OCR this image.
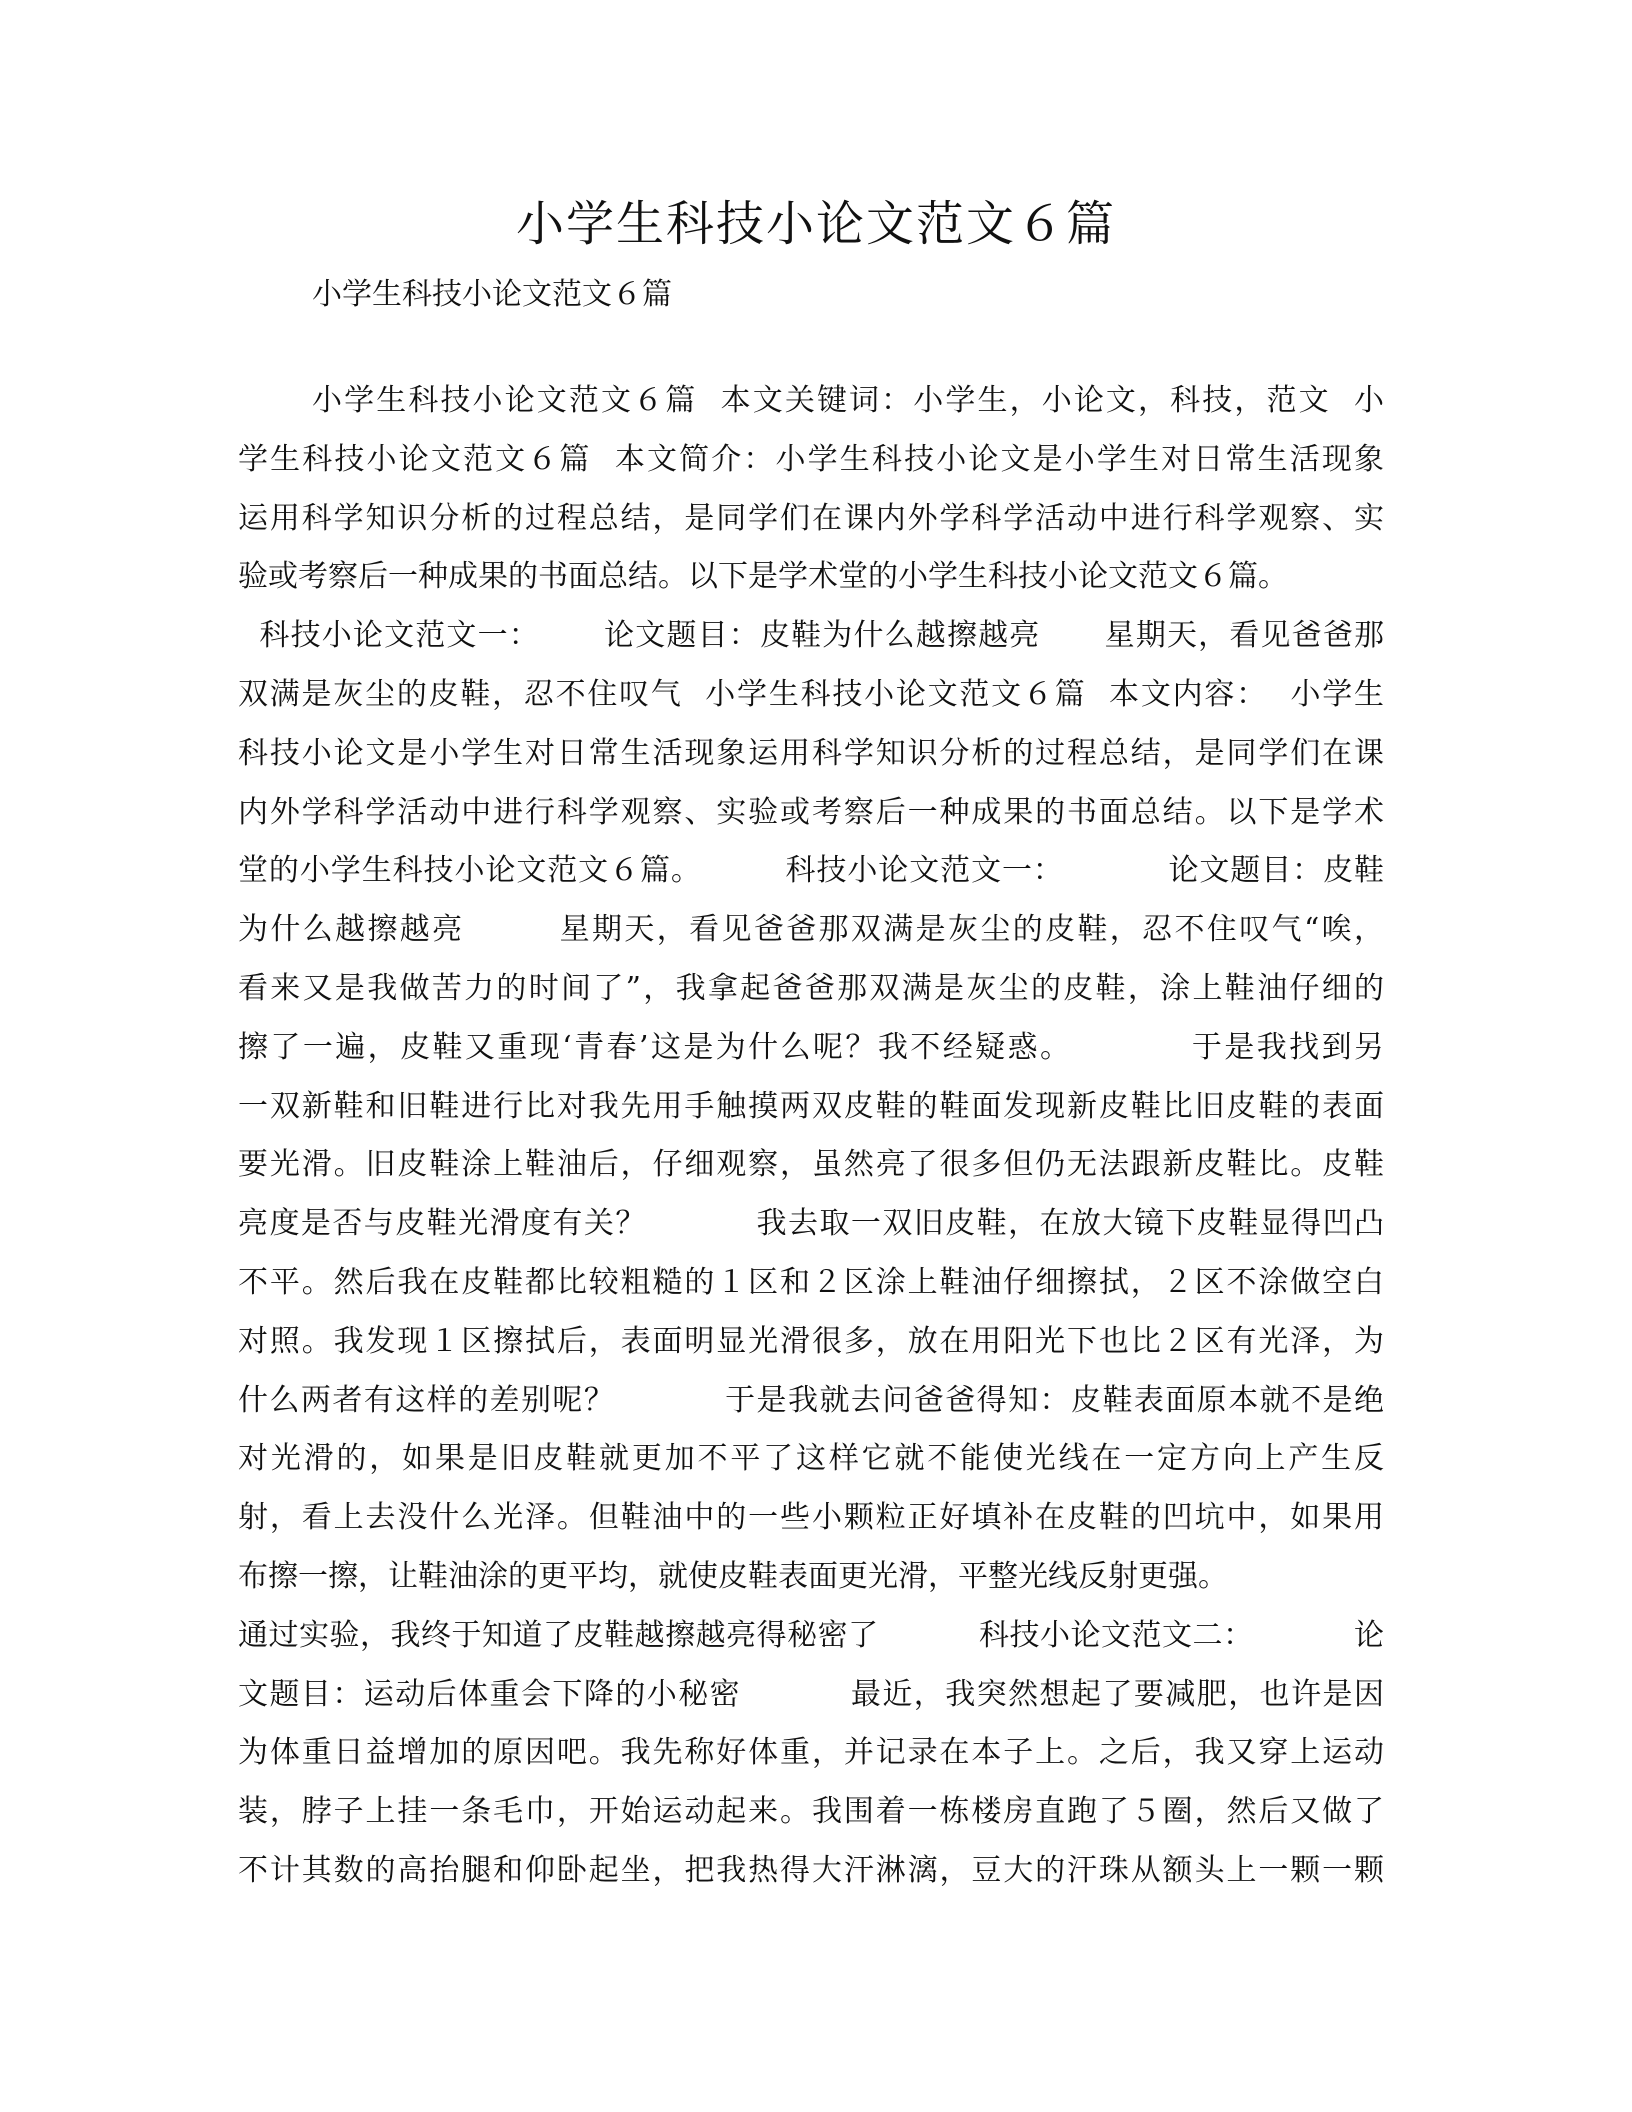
小学生科技小论文范文６篇

小学生科技小论文范文６篇

小学生科技小论文范文６篇  本文关键词：小学生，小论文，科技，范文  小
学生科技小论文范文６篇  本文简介：小学生科技小论文是小学生对日常生活现象
运用科学知识分析的过程总结，是同学们在课内外学科学活动中进行科学观察、实
验或考察后一种成果的书面总结。以下是学术堂的小学生科技小论文范文６篇。
科技小论文范文一：      论文题目：皮鞋为什么越擦越亮      星期天，看见爸爸那
双满是灰尘的皮鞋，忍不住叹气  小学生科技小论文范文６篇  本文内容：  小学生
科技小论文是小学生对日常生活现象运用科学知识分析的过程总结，是同学们在课
内外学科学活动中进行科学观察、实验或考察后一种成果的书面总结。以下是学术
堂的小学生科技小论文范文６篇。        科技小论文范文一：          论文题目：皮鞋
为什么越擦越亮        星期天，看见爸爸那双满是灰尘的皮鞋，忍不住叹气“唉，
看来又是我做苦力的时间了”，我拿起爸爸那双满是灰尘的皮鞋，涂上鞋油仔细的
擦了一遍，皮鞋又重现‘青春’这是为什么呢？我不经疑惑。          于是我找到另
一双新鞋和旧鞋进行比对我先用手触摸两双皮鞋的鞋面发现新皮鞋比旧皮鞋的表面
要光滑。旧皮鞋涂上鞋油后，仔细观察，虽然亮了很多但仍无法跟新皮鞋比。皮鞋
亮度是否与皮鞋光滑度有关？          我去取一双旧皮鞋，在放大镜下皮鞋显得凹凸
不平。然后我在皮鞋都比较粗糙的１区和２区涂上鞋油仔细擦拭，２区不涂做空白
对照。我发现１区擦拭后，表面明显光滑很多，放在用阳光下也比２区有光泽，为
什么两者有这样的差别呢？          于是我就去问爸爸得知：皮鞋表面原本就不是绝
对光滑的，如果是旧皮鞋就更加不平了这样它就不能使光线在一定方向上产生反
射，看上去没什么光泽。但鞋油中的一些小颗粒正好填补在皮鞋的凹坑中，如果用
布擦一擦，让鞋油涂的更平均，就使皮鞋表面更光滑，平整光线反射更强。
通过实验，我终于知道了皮鞋越擦越亮得秘密了          科技小论文范文二：          论
文题目：运动后体重会下降的小秘密          最近，我突然想起了要减肥，也许是因
为体重日益增加的原因吧。我先称好体重，并记录在本子上。之后，我又穿上运动
装，脖子上挂一条毛巾，开始运动起来。我围着一栋楼房直跑了５圈，然后又做了
不计其数的高抬腿和仰卧起坐，把我热得大汗淋漓，豆大的汗珠从额头上一颗一颗
